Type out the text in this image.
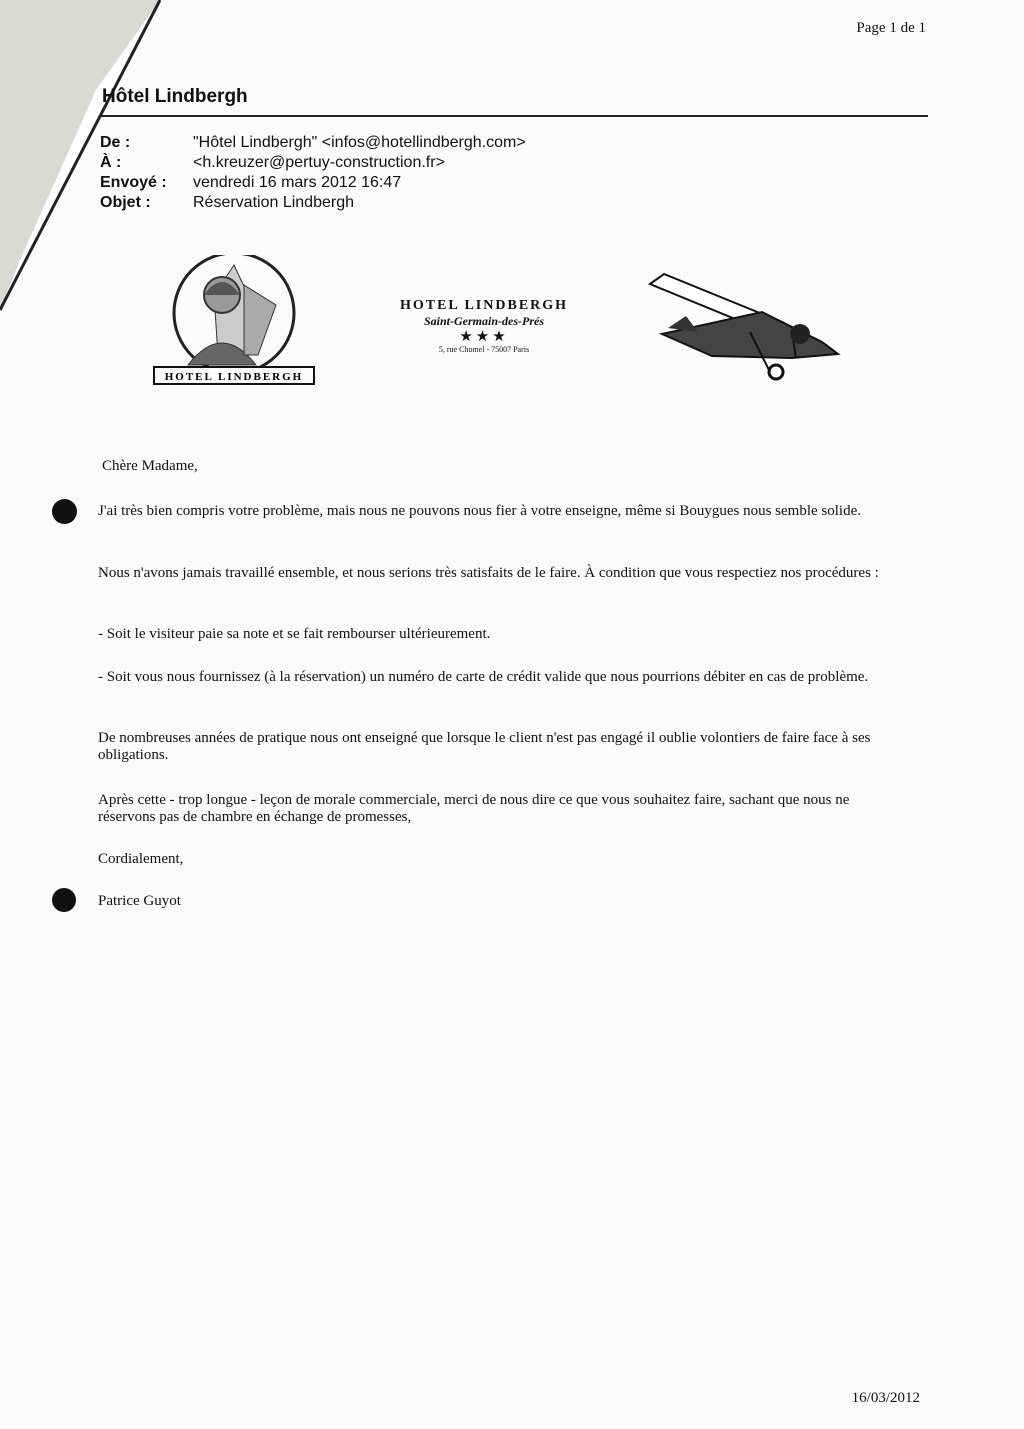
Page 1 de 1
Hôtel Lindbergh
De :	"Hôtel Lindbergh" <infos@hotellindbergh.com>
À :	<h.kreuzer@pertuy-construction.fr>
Envoyé :	vendredi 16 mars 2012 16:47
Objet :	Réservation Lindbergh
HOTEL LINDBERGH
HOTEL LINDBERGH
Saint-Germain-des-Prés
★★★
5, rue Chomel - 75007 Paris
Chère Madame,
J'ai très bien compris votre problème, mais nous ne pouvons nous fier à votre enseigne, même si Bouygues nous semble solide.
Nous n'avons jamais travaillé ensemble, et nous serions très satisfaits de le faire. À condition que vous respectiez nos procédures :
- Soit le visiteur paie sa note et se fait rembourser ultérieurement.
- Soit vous nous fournissez (à la réservation) un numéro de carte de crédit valide que nous pourrions débiter en cas de problème.
De nombreuses années de pratique nous ont enseigné que lorsque le client n'est pas engagé il oublie volontiers de faire face à ses obligations.
Après cette - trop longue - leçon de morale commerciale, merci de nous dire ce que vous souhaitez faire, sachant que nous ne réservons pas de chambre en échange de promesses,
Cordialement,
Patrice Guyot
16/03/2012
